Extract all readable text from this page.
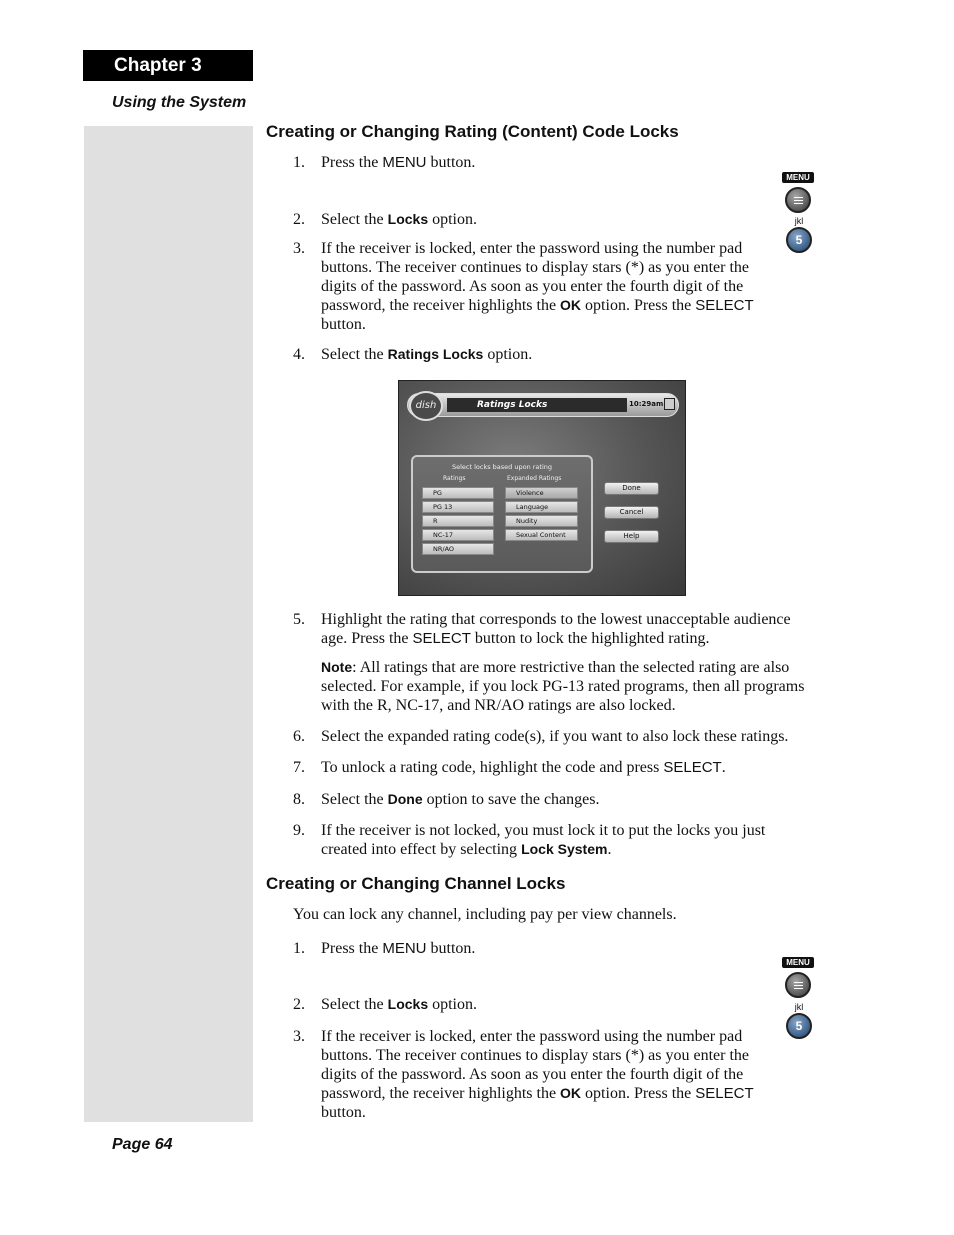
Chapter 3
Using the System
Creating or Changing Rating (Content) Code Locks
1. Press the MENU button.
MENU
2. Select the Locks option.	jkl
5
3. If the receiver is locked, enter the password using the number pad buttons. The receiver continues to display stars (*) as you enter the digits of the password. As soon as you enter the fourth digit of the password, the receiver highlights the OK option. Press the SELECT button.
4. Select the Ratings Locks option.
dish	Ratings Locks	10:29am
Select locks based upon rating
Ratings	Expanded Ratings
PG
PG 13
R
NC-17
NR/AO
Violence
Language
Nudity
Sexual Content
Done
Cancel
Help
5. Highlight the rating that corresponds to the lowest unacceptable audience age. Press the SELECT button to lock the highlighted rating.
Note: All ratings that are more restrictive than the selected rating are also selected. For example, if you lock PG-13 rated programs, then all programs with the R, NC-17, and NR/AO ratings are also locked.
6. Select the expanded rating code(s), if you want to also lock these ratings.
7. To unlock a rating code, highlight the code and press SELECT.
8. Select the Done option to save the changes.
9. If the receiver is not locked, you must lock it to put the locks you just created into effect by selecting Lock System.
Creating or Changing Channel Locks
You can lock any channel, including pay per view channels.
1. Press the MENU button.
MENU
2. Select the Locks option.	jkl
5
3. If the receiver is locked, enter the password using the number pad buttons. The receiver continues to display stars (*) as you enter the digits of the password. As soon as you enter the fourth digit of the password, the receiver highlights the OK option. Press the SELECT button.
Page 64
